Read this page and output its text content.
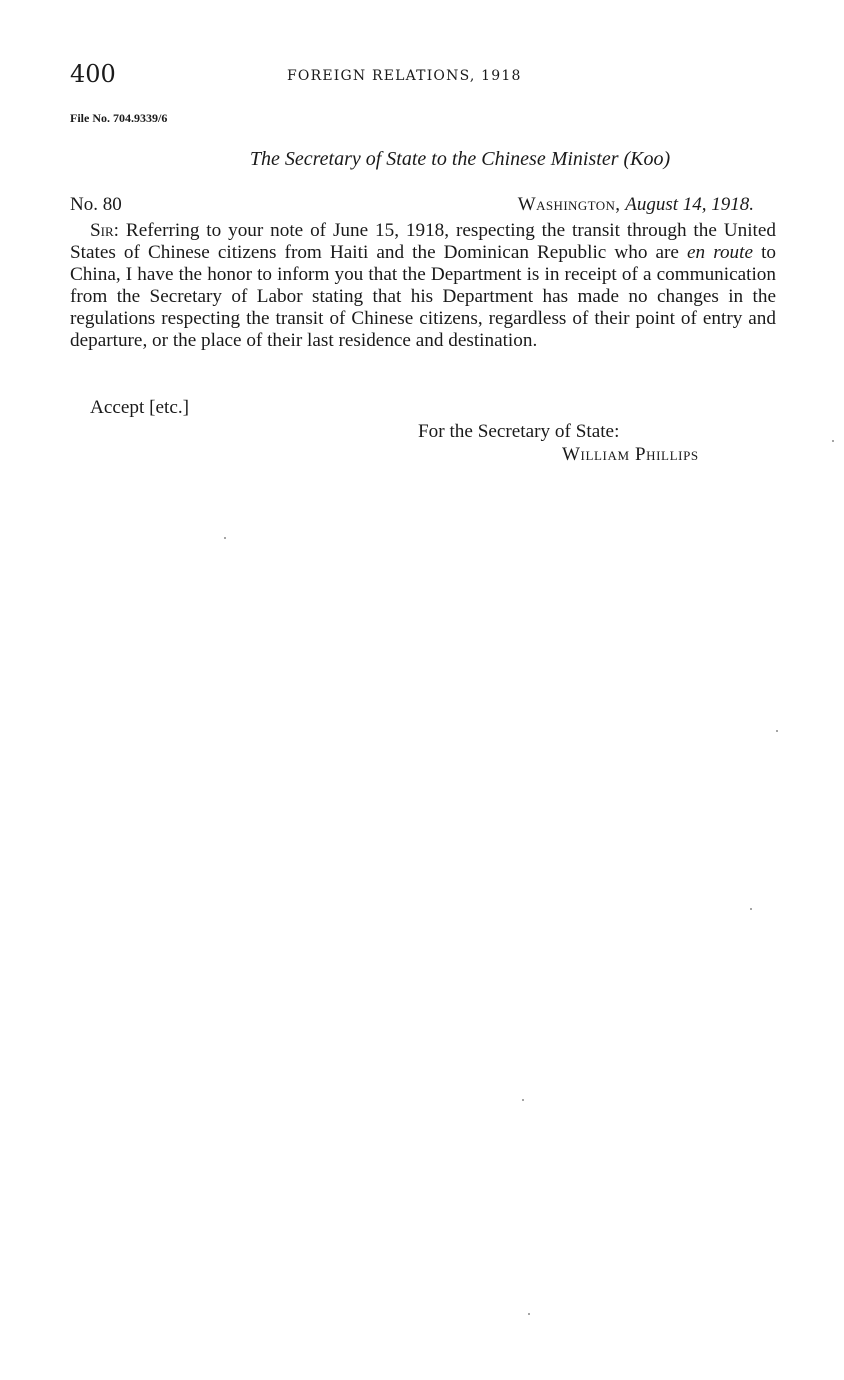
400	FOREIGN RELATIONS, 1918
File No. 704.9339/6
The Secretary of State to the Chinese Minister (Koo)
No. 80	Washington, August 14, 1918.

Sir: Referring to your note of June 15, 1918, respecting the transit through the United States of Chinese citizens from Haiti and the Dominican Republic who are en route to China, I have the honor to inform you that the Department is in receipt of a communication from the Secretary of Labor stating that his Department has made no changes in the regulations respecting the transit of Chinese citizens, regardless of their point of entry and departure, or the place of their last residence and destination.

Accept [etc.]
For the Secretary of State:
William Phillips
